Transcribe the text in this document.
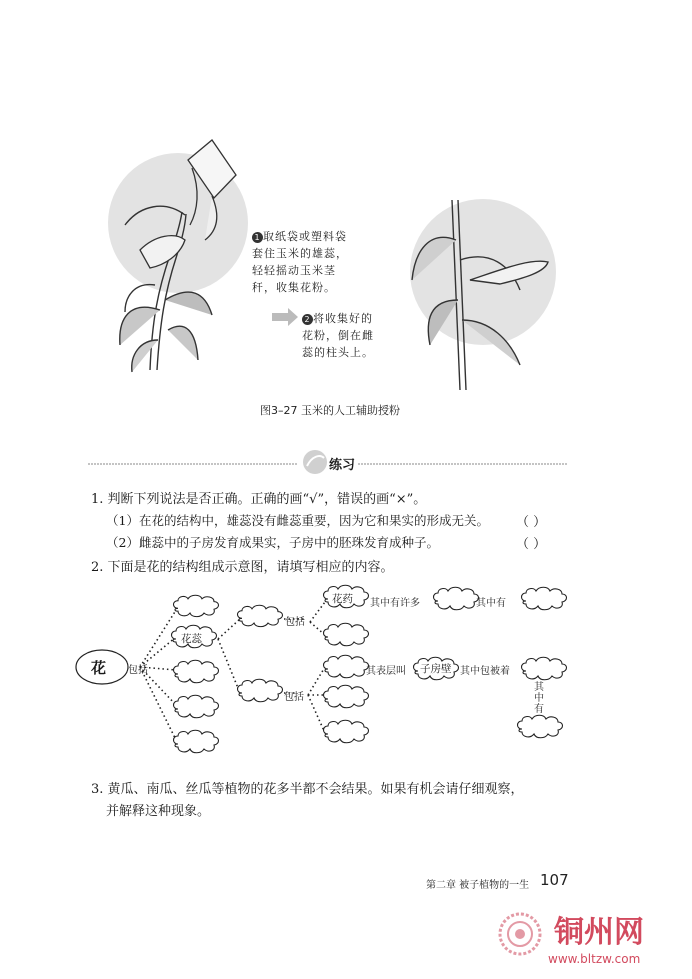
1 取纸袋或塑料袋
套住玉米的雄蕊，
轻轻摇动玉米茎
秆，收集花粉。
2 将收集好的
花粉，倒在雌
蕊的柱头上。
图3–27 玉米的人工辅助授粉
练习
1. 判断下列说法是否正确。正确的画“√”，错误的画“×”。
（1）在花的结构中，雄蕊没有雌蕊重要，因为它和果实的形成无关。 （ ）
（2）雌蕊中的子房发育成果实，子房中的胚珠发育成种子。	（ ）
2. 下面是花的结构组成示意图，请填写相应的内容。
花 包括
花蕊
包括
花药 其中有许多	其中有
包括
其表层叫 子房壁 其中包被着
其
中
有
3. 黄瓜、南瓜、丝瓜等植物的花多半都不会结果。如果有机会请仔细观察，
并解释这种现象。
第二章 被子植物的一生 107
铜州网
www.bltzw.com
